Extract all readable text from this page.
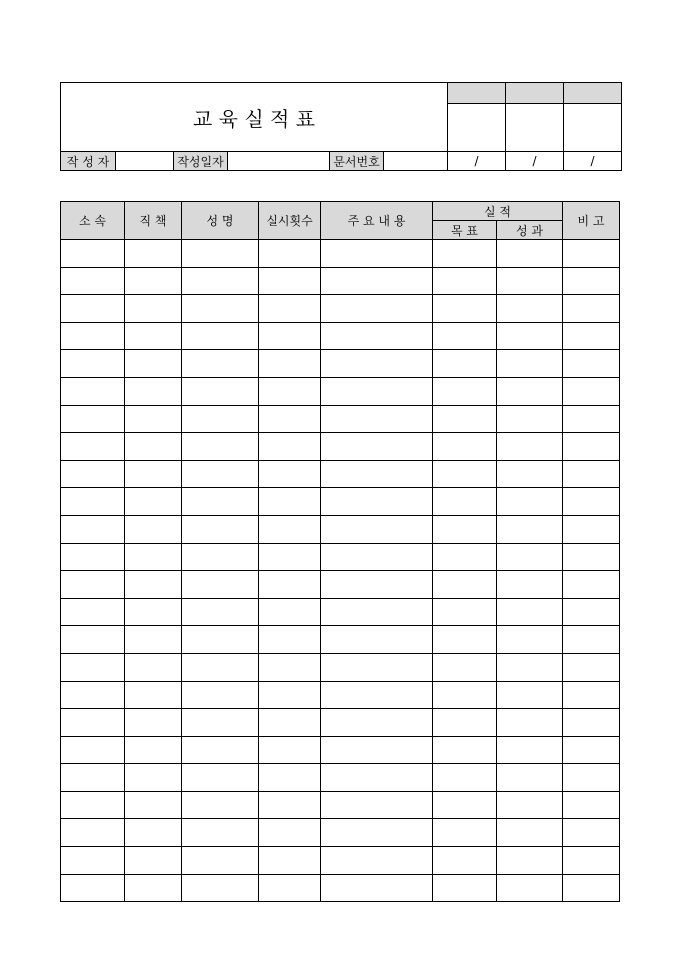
교 육 실 적 표								

작 성 자		작성일자		문서번호		/	/	/
소 속	직 책	성 명	실시횟수	주 요 내 용	실 적		비 고
					목 표	성 과	
